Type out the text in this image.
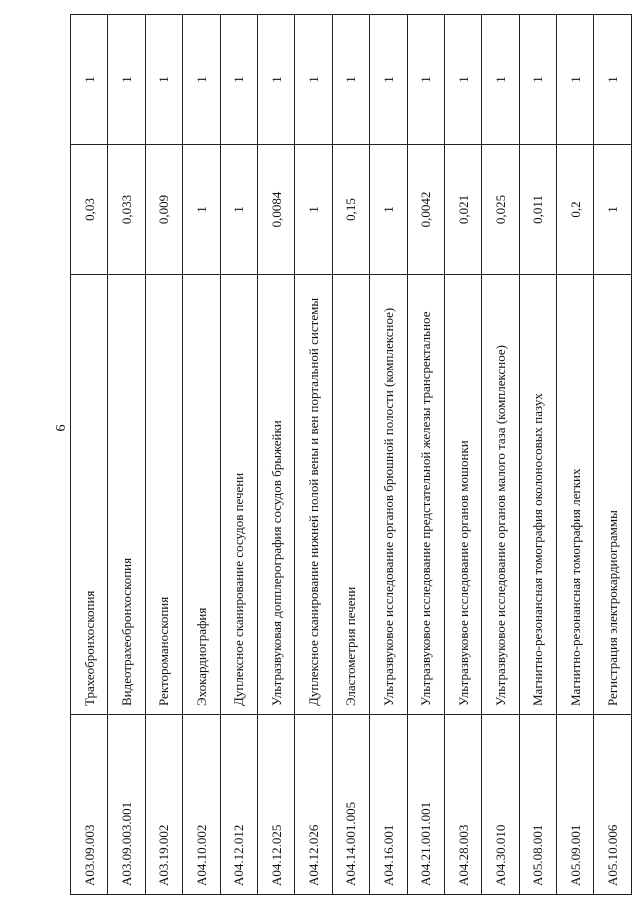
6
A03.09.003	Трахеобронхоскопия	0,03	1
A03.09.003.001	Видеотрахеобронхоскопия	0,033	1
A03.19.002	Ректороманоскопия	0,009	1
A04.10.002	Эхокардиография	1	1
A04.12.012	Дуплексное сканирование сосудов печени	1	1
A04.12.025	Ультразвуковая допплерография сосудов брыжейки	0,0084	1
A04.12.026	Дуплексное сканирование нижней полой вены и вен портальной системы	1	1
A04.14.001.005	Эластометрия печени	0,15	1
A04.16.001	Ультразвуковое исследование органов брюшной полости (комплексное)	1	1
A04.21.001.001	Ультразвуковое исследование предстательной железы трансректальное	0,0042	1
A04.28.003	Ультразвуковое исследование органов мошонки	0,021	1
A04.30.010	Ультразвуковое исследование органов малого таза (комплексное)	0,025	1
A05.08.001	Магнитно-резонансная томография околоносовых пазух	0,011	1
A05.09.001	Магнитно-резонансная томография легких	0,2	1
A05.10.006	Регистрация электрокардиограммы	1	1
